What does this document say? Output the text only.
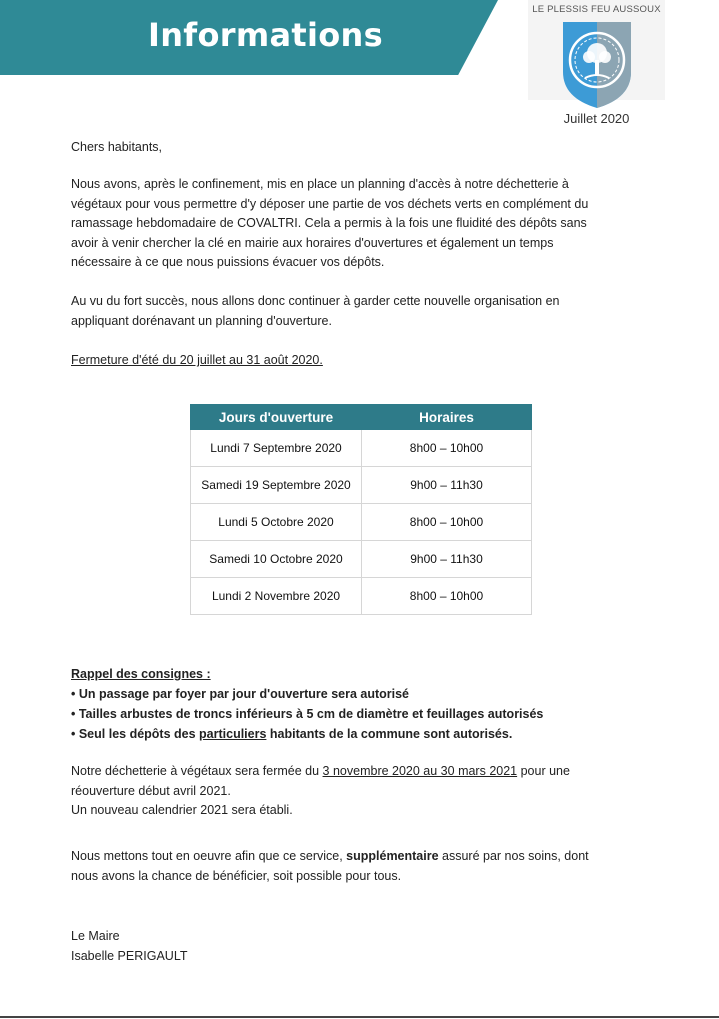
Informations
LE PLESSIS FEU AUSSOUX
Juillet 2020

Chers habitants,

Nous avons, après le confinement, mis en place un planning d'accès à notre déchetterie à végétaux pour vous permettre d'y déposer une partie de vos déchets verts en complément du ramassage hebdomadaire de COVALTRI. Cela a permis à la fois une fluidité des dépôts sans avoir à venir chercher la clé en mairie aux horaires d'ouvertures et également un temps nécessaire à ce que nous puissions évacuer vos dépôts.

Au vu du fort succès, nous allons donc continuer à garder cette nouvelle organisation en appliquant dorénavant un planning d'ouverture.

Fermeture d'été du 20 juillet au 31 août 2020.

Rappel des consignes :

• Un passage par foyer par jour d'ouverture sera autorisé

• Tailles arbustes de troncs inférieurs à 5 cm de diamètre et feuillages autorisés

• Seul les dépôts des particuliers habitants de la commune sont autorisés.

Notre déchetterie à végétaux sera fermée du 3 novembre 2020 au 30 mars 2021 pour une réouverture début avril 2021.

Un nouveau calendrier 2021 sera établi.

Nous mettons tout en oeuvre afin que ce service, supplémentaire assuré par nos soins, dont nous avons la chance de bénéficier, soit possible pour tous.

Le Maire

Isabelle PERIGAULT

Jours d'ouverture	Horaires
Lundi 7 Septembre 2020	8h00 – 10h00
Samedi 19 Septembre 2020	9h00 – 11h30
Lundi 5 Octobre 2020	8h00 – 10h00
Samedi 10 Octobre 2020	9h00 – 11h30
Lundi 2 Novembre 2020	8h00 – 10h00
